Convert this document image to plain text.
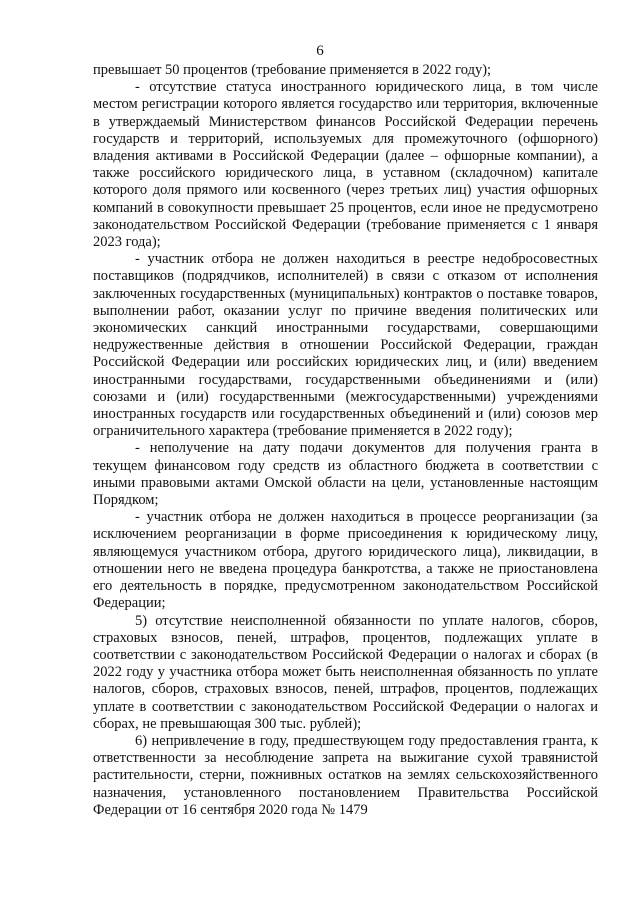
6

превышает 50 процентов (требование применяется в 2022 году);

- отсутствие статуса иностранного юридического лица, в том числе местом регистрации которого является государство или территория, включенные в утверждаемый Министерством финансов Российской Федерации перечень государств и территорий, используемых для промежуточного (офшорного) владения активами в Российской Федерации (далее – офшорные компании), а также российского юридического лица, в уставном (складочном) капитале которого доля прямого или косвенного (через третьих лиц) участия офшорных компаний в совокупности превышает 25 процентов, если иное не предусмотрено законодательством Российской Федерации (требование применяется с 1 января 2023 года);

- участник отбора не должен находиться в реестре недобросовестных поставщиков (подрядчиков, исполнителей) в связи с отказом от исполнения заключенных государственных (муниципальных) контрактов о поставке товаров, выполнении работ, оказании услуг по причине введения политических или экономических санкций иностранными государствами, совершающими недружественные действия в отношении Российской Федерации, граждан Российской Федерации или российских юридических лиц, и (или) введением иностранными государствами, государственными объединениями и (или) союзами и (или) государственными (межгосударственными) учреждениями иностранных государств или государственных объединений и (или) союзов мер ограничительного характера (требование применяется в 2022 году);

- неполучение на дату подачи документов для получения гранта в текущем финансовом году средств из областного бюджета в соответствии с иными правовыми актами Омской области на цели, установленные настоящим Порядком;

- участник отбора не должен находиться в процессе реорганизации (за исключением реорганизации в форме присоединения к юридическому лицу, являющемуся участником отбора, другого юридического лица), ликвидации, в отношении него не введена процедура банкротства, а также не приостановлена его деятельность в порядке, предусмотренном законодательством Российской Федерации;

5) отсутствие неисполненной обязанности по уплате налогов, сборов, страховых взносов, пеней, штрафов, процентов, подлежащих уплате в соответствии с законодательством Российской Федерации о налогах и сборах (в 2022 году у участника отбора может быть неисполненная обязанность по уплате налогов, сборов, страховых взносов, пеней, штрафов, процентов, подлежащих уплате в соответствии с законодательством Российской Федерации о налогах и сборах, не превышающая 300 тыс. рублей);

6) непривлечение в году, предшествующем году предоставления гранта, к ответственности за несоблюдение запрета на выжигание сухой травянистой растительности, стерни, пожнивных остатков на землях сельскохозяйственного назначения, установленного постановлением Правительства Российской Федерации от 16 сентября 2020 года № 1479
